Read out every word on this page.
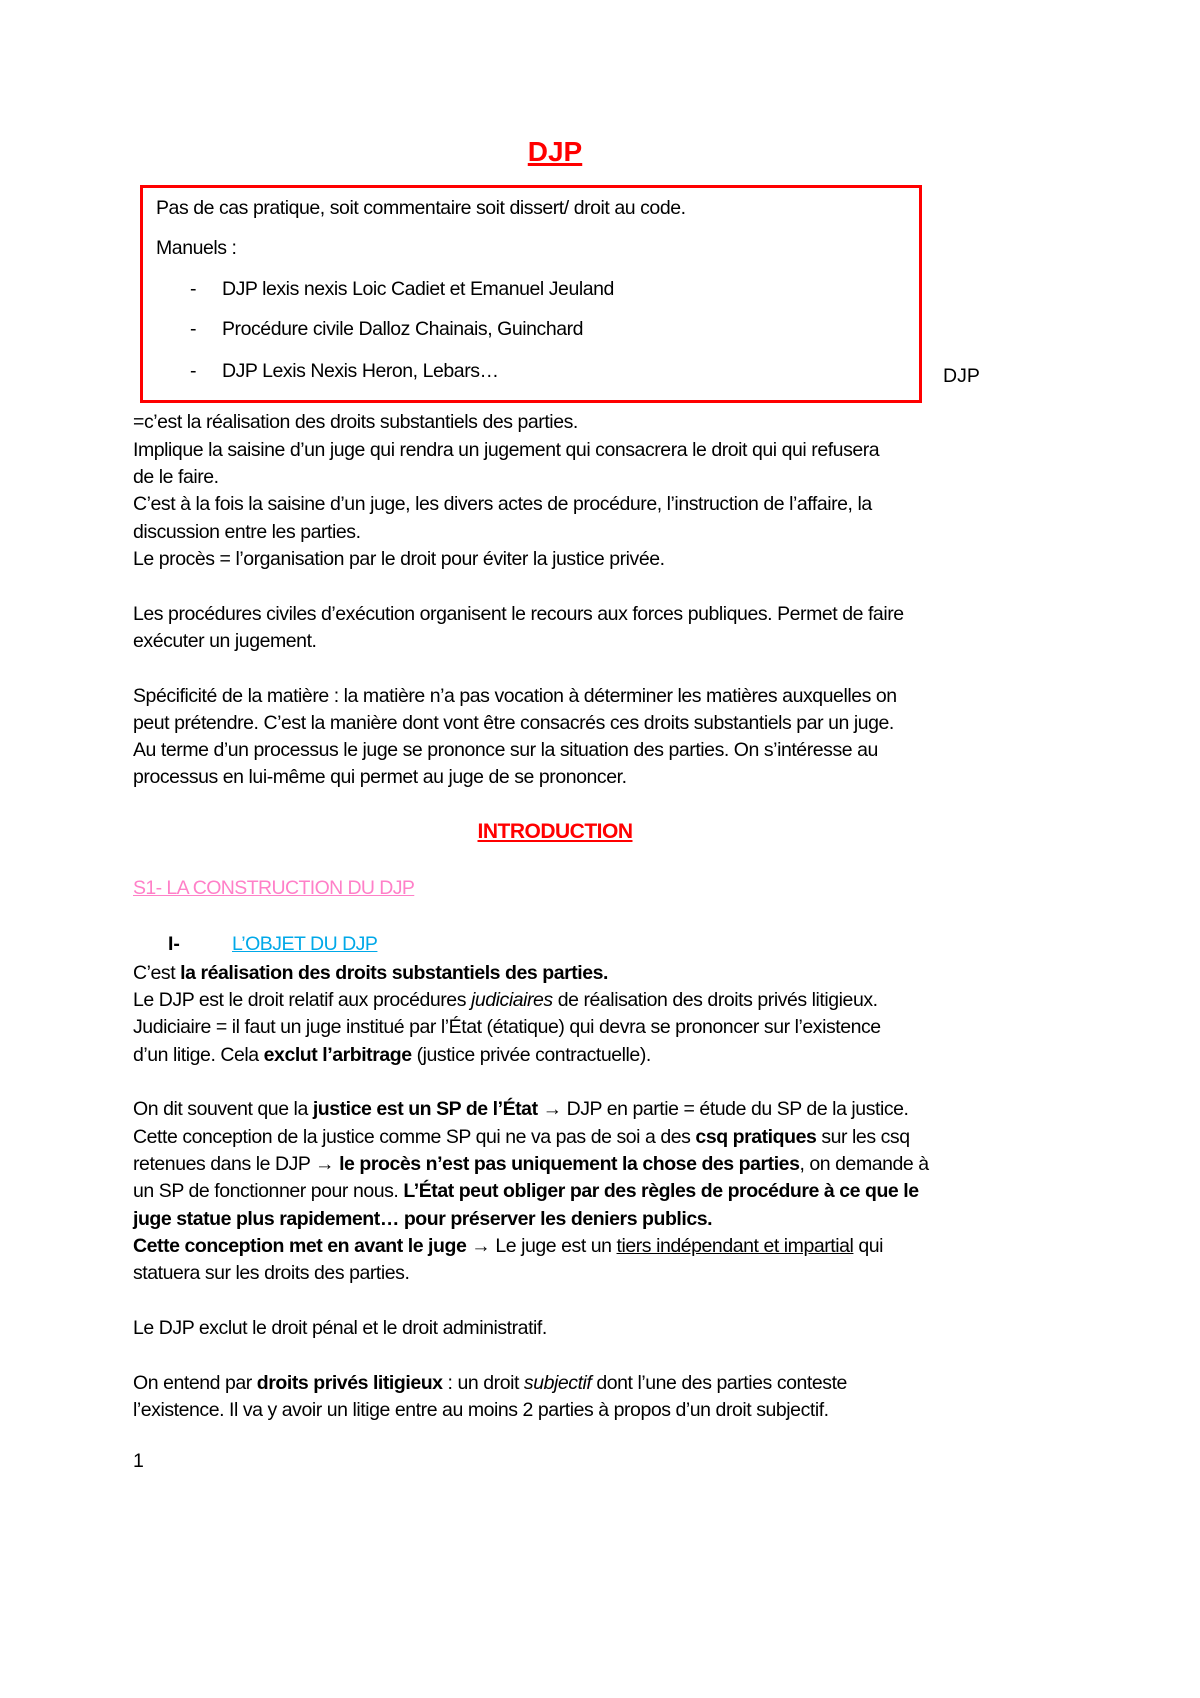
DJP
Pas de cas pratique, soit commentaire soit dissert/ droit au code.
Manuels :
- DJP lexis nexis Loic Cadiet et Emanuel Jeuland
- Procédure civile Dalloz Chainais, Guinchard
- DJP Lexis Nexis Heron, Lebars…	DJP
=c’est la réalisation des droits substantiels des parties.
Implique la saisine d’un juge qui rendra un jugement qui consacrera le droit qui qui refusera
de le faire.
C’est à la fois la saisine d’un juge, les divers actes de procédure, l’instruction de l’affaire, la
discussion entre les parties.
Le procès = l’organisation par le droit pour éviter la justice privée.
Les procédures civiles d’exécution organisent le recours aux forces publiques. Permet de faire
exécuter un jugement.
Spécificité de la matière : la matière n’a pas vocation à déterminer les matières auxquelles on
peut prétendre. C’est la manière dont vont être consacrés ces droits substantiels par un juge.
Au terme d’un processus le juge se prononce sur la situation des parties. On s’intéresse au
processus en lui-même qui permet au juge de se prononcer.
INTRODUCTION
S1- LA CONSTRUCTION DU DJP
I-	L’OBJET DU DJP
C’est la réalisation des droits substantiels des parties.
Le DJP est le droit relatif aux procédures judiciaires de réalisation des droits privés litigieux.
Judiciaire = il faut un juge institué par l’État (étatique) qui devra se prononcer sur l’existence
d’un litige. Cela exclut l’arbitrage (justice privée contractuelle).
On dit souvent que la justice est un SP de l’État → DJP en partie = étude du SP de la justice.
Cette conception de la justice comme SP qui ne va pas de soi a des csq pratiques sur les csq
retenues dans le DJP → le procès n’est pas uniquement la chose des parties, on demande à
un SP de fonctionner pour nous. L’État peut obliger par des règles de procédure à ce que le
juge statue plus rapidement… pour préserver les deniers publics.
Cette conception met en avant le juge → Le juge est un tiers indépendant et impartial qui
statuera sur les droits des parties.
Le DJP exclut le droit pénal et le droit administratif.
On entend par droits privés litigieux : un droit subjectif dont l’une des parties conteste
l’existence. Il va y avoir un litige entre au moins 2 parties à propos d’un droit subjectif.
1
